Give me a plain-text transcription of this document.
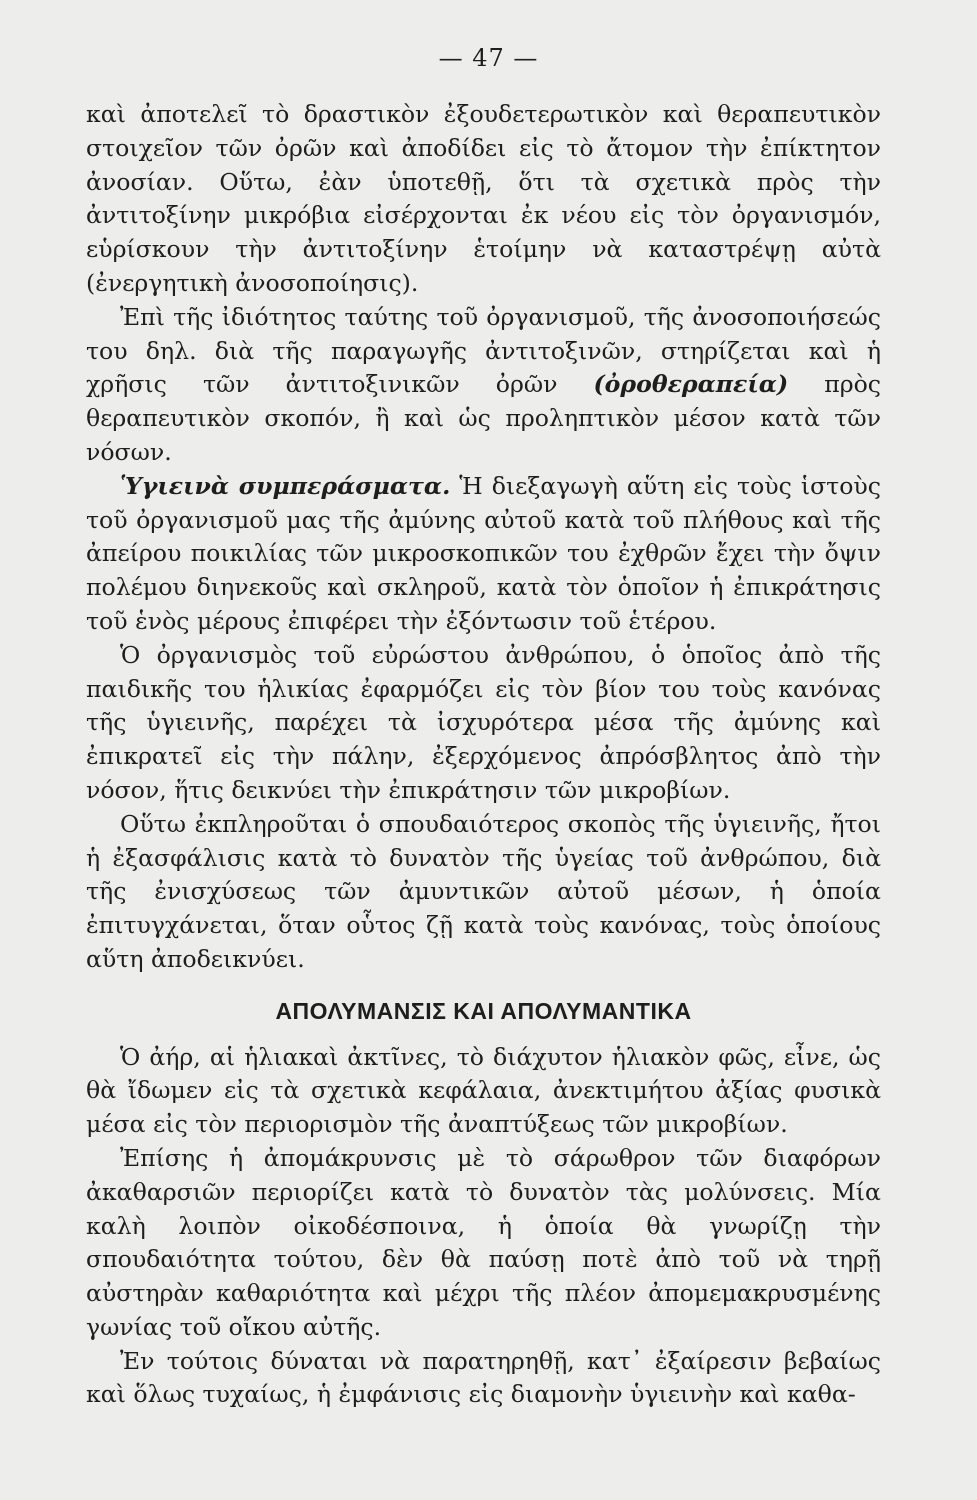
— 47 —

καὶ ἀποτελεῖ τὸ δραστικὸν ἐξουδετερωτικὸν καὶ θεραπευτικὸν στοιχεῖον τῶν ὀρῶν καὶ ἀποδίδει εἰς τὸ ἄτομον τὴν ἐπίκτητον ἀνοσίαν. Οὕτω, ἐὰν ὑποτεθῇ, ὅτι τὰ σχετικὰ πρὸς τὴν ἀντιτοξίνην μικρόβια εἰσέρχονται ἐκ νέου εἰς τὸν ὀργανισμόν, εὑρίσκουν τὴν ἀντιτοξίνην ἑτοίμην νὰ καταστρέψῃ αὐτὰ (ἐνεργητικὴ ἀνοσοποίησις).

Ἐπὶ τῆς ἰδιότητος ταύτης τοῦ ὀργανισμοῦ, τῆς ἀνοσοποιήσεώς του δηλ. διὰ τῆς παραγωγῆς ἀντιτοξινῶν, στηρίζεται καὶ ἡ χρῆσις τῶν ἀντιτοξινικῶν ὀρῶν (ὀροθεραπεία) πρὸς θεραπευτικὸν σκοπόν, ἢ καὶ ὡς προληπτικὸν μέσον κατὰ τῶν νόσων.

Ὑγιεινὰ συμπεράσματα. Ἡ διεξαγωγὴ αὕτη εἰς τοὺς ἱστοὺς τοῦ ὀργανισμοῦ μας τῆς ἀμύνης αὐτοῦ κατὰ τοῦ πλήθους καὶ τῆς ἀπείρου ποικιλίας τῶν μικροσκοπικῶν του ἐχθρῶν ἔχει τὴν ὄψιν πολέμου διηνεκοῦς καὶ σκληροῦ, κατὰ τὸν ὁποῖον ἡ ἐπικράτησις τοῦ ἑνὸς μέρους ἐπιφέρει τὴν ἐξόντωσιν τοῦ ἑτέρου.

Ὁ ὀργανισμὸς τοῦ εὐρώστου ἀνθρώπου, ὁ ὁποῖος ἀπὸ τῆς παιδικῆς του ἡλικίας ἐφαρμόζει εἰς τὸν βίον του τοὺς κανόνας τῆς ὑγιεινῆς, παρέχει τὰ ἰσχυρότερα μέσα τῆς ἀμύνης καὶ ἐπικρατεῖ εἰς τὴν πάλην, ἐξερχόμενος ἀπρόσβλητος ἀπὸ τὴν νόσον, ἥτις δεικνύει τὴν ἐπικράτησιν τῶν μικροβίων.

Οὕτω ἐκπληροῦται ὁ σπουδαιότερος σκοπὸς τῆς ὑγιεινῆς, ἤτοι ἡ ἐξασφάλισις κατὰ τὸ δυνατὸν τῆς ὑγείας τοῦ ἀνθρώπου, διὰ τῆς ἐνισχύσεως τῶν ἀμυντικῶν αὐτοῦ μέσων, ἡ ὁποία ἐπιτυγχάνεται, ὅταν οὗτος ζῇ κατὰ τοὺς κανόνας, τοὺς ὁποίους αὕτη ἀποδεικνύει.

ΑΠΟΛΥΜΑΝΣΙΣ ΚΑΙ ΑΠΟΛΥΜΑΝΤΙΚΑ

Ὁ ἀήρ, αἱ ἡλιακαὶ ἀκτῖνες, τὸ διάχυτον ἡλιακὸν φῶς, εἶνε, ὡς θὰ ἴδωμεν εἰς τὰ σχετικὰ κεφάλαια, ἀνεκτιμήτου ἀξίας φυσικὰ μέσα εἰς τὸν περιορισμὸν τῆς ἀναπτύξεως τῶν μικροβίων.

Ἐπίσης ἡ ἀπομάκρυνσις μὲ τὸ σάρωθρον τῶν διαφόρων ἀκαθαρσιῶν περιορίζει κατὰ τὸ δυνατὸν τὰς μολύνσεις. Μία καλὴ λοιπὸν οἰκοδέσποινα, ἡ ὁποία θὰ γνωρίζῃ τὴν σπουδαιότητα τούτου, δὲν θὰ παύσῃ ποτὲ ἀπὸ τοῦ νὰ τηρῇ αὐστηρὰν καθαριότητα καὶ μέχρι τῆς πλέον ἀπομεμακρυσμένης γωνίας τοῦ οἴκου αὐτῆς.

Ἐν τούτοις δύναται νὰ παρατηρηθῇ, κατ᾿ ἐξαίρεσιν βεβαίως καὶ ὅλως τυχαίως, ἡ ἐμφάνισις εἰς διαμονὴν ὑγιεινὴν καὶ καθα-
